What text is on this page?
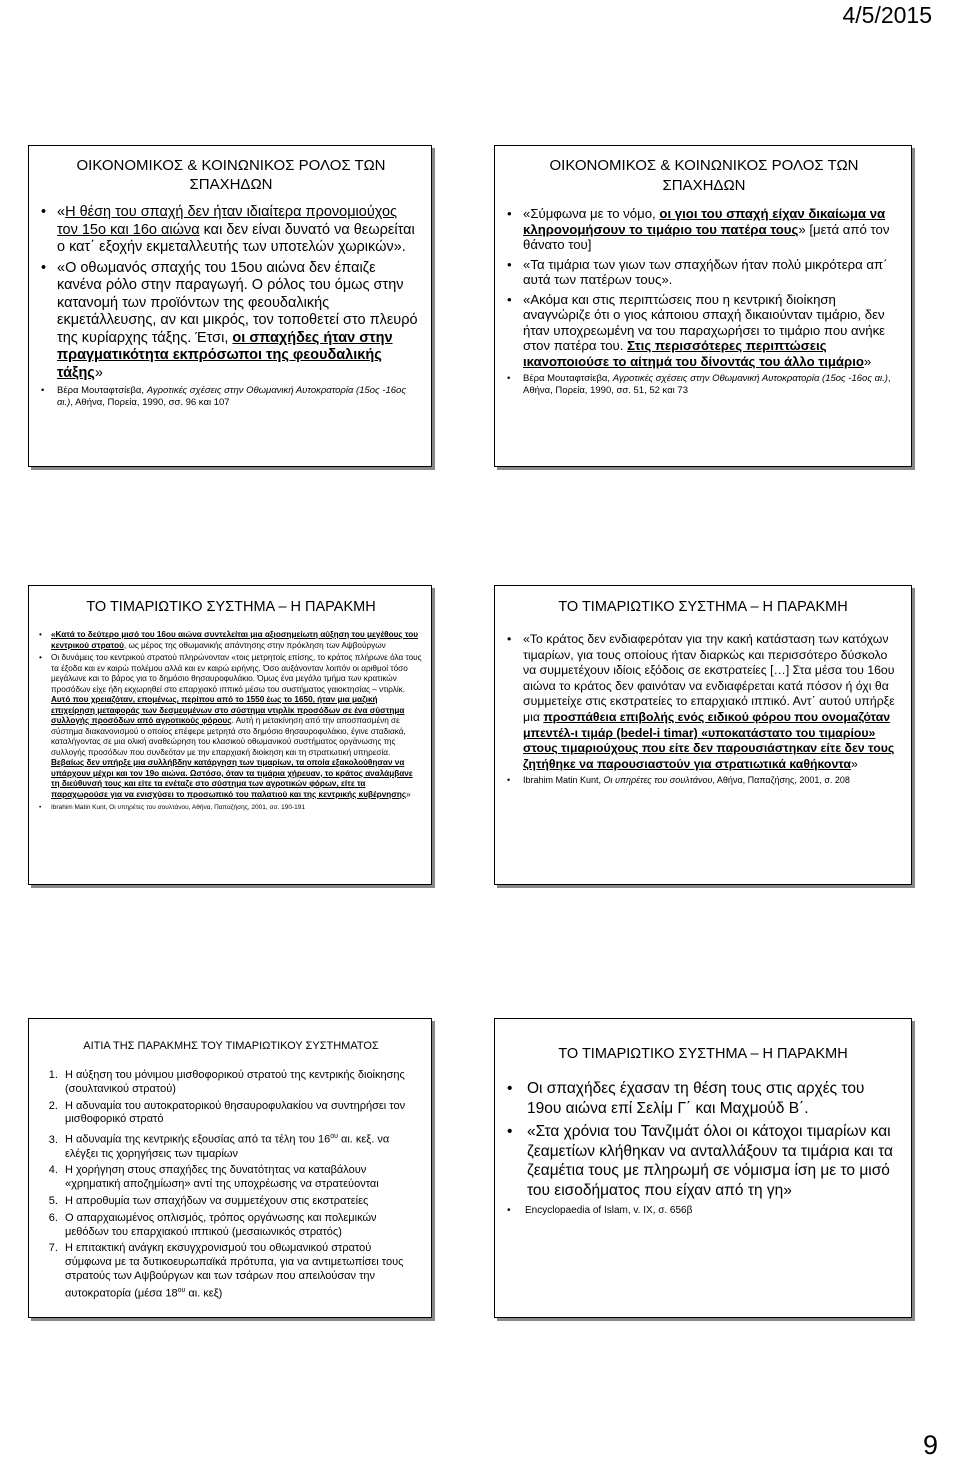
4/5/2015
ΟΙΚΟΝΟΜΙΚΟΣ & ΚΟΙΝΩΝΙΚΟΣ ΡΟΛΟΣ ΤΩΝ
ΣΠΑΧΗΔΩΝ
• «Η θέση του σπαχή δεν ήταν ιδιαίτερα προνομιούχος τον 15ο και 16ο αιώνα και δεν είναι δυνατό να θεωρείται ο κατ΄ εξοχήν εκμεταλλευτής των υποτελών χωρικών».
• «Ο οθωμανός σπαχής του 15ου αιώνα δεν έπαιζε κανένα ρόλο στην παραγωγή. Ο ρόλος του όμως στην κατανομή των προϊόντων της φεουδαλικής εκμετάλλευσης, αν και μικρός, τον τοποθετεί στο πλευρό της κυρίαρχης τάξης. Έτσι, οι σπαχήδες ήταν στην πραγματικότητα εκπρόσωποι της φεουδαλικής τάξης»
• Βέρα Μουταφτσίεβα, Αγροτικές σχέσεις στην Οθωμανική Αυτοκρατορία (15ος -16ος αι.), Αθήνα, Πορεία, 1990, σσ. 96 και 107
ΟΙΚΟΝΟΜΙΚΟΣ & ΚΟΙΝΩΝΙΚΟΣ ΡΟΛΟΣ ΤΩΝ
ΣΠΑΧΗΔΩΝ
• «Σύμφωνα με το νόμο, οι γιοι του σπαχή είχαν δικαίωμα να κληρονομήσουν το τιμάριο του πατέρα τους» [μετά από τον θάνατο του]
• «Τα τιμάρια των γιων των σπαχήδων ήταν πολύ μικρότερα απ΄ αυτά των πατέρων τους».
• «Ακόμα και στις περιπτώσεις που η κεντρική διοίκηση αναγνώριζε ότι ο γιος κάποιου σπαχή δικαιούνταν τιμάριο, δεν ήταν υποχρεωμένη να του παραχωρήσει το τιμάριο που ανήκε στον πατέρα του. Στις περισσότερες περιπτώσεις ικανοποιούσε το αίτημά του δίνοντάς του άλλο τιμάριο»
• Βέρα Μουταφτσίεβα, Αγροτικές σχέσεις στην Οθωμανική Αυτοκρατορία (15ος -16ος αι.), Αθήνα, Πορεία, 1990, σσ. 51, 52 και 73
ΤΟ ΤΙΜΑΡΙΩΤΙΚΟ ΣΥΣΤΗΜΑ – Η ΠΑΡΑΚΜΗ
• «Κατά το δεύτερο μισό του 16ου αιώνα συντελείται μια αξιοσημείωτη αύξηση του μεγέθους του κεντρικού στρατού, ως μέρος της οθωμανικής απάντησης στην πρόκληση των Αψβούργων
• Οι δυνάμεις του κεντρικού στρατού πληρώνονταν «τοις μετρητοίς επίσης, το κράτος πλήρωνε όλα τους τα έξοδα και εν καιρώ πολέμου αλλά και εν καιρώ ειρήνης. Όσο αυξάνονταν λοιπόν οι αριθμοί τόσο μεγάλωνε και το βάρος για το δημόσιο θησαυροφυλάκιο. Όμως ένα μεγάλο τμήμα των κρατικών προσόδων είχε ήδη εκχωρηθεί στο επαρχιακό ιππικό μέσω του συστήματος γαιοκτησίας – ντιρλίκ. Αυτό που χρειαζόταν, επομένως, περίπου από το 1550 έως το 1650, ήταν μια μαζική επιχείρηση μεταφοράς των δεσμευμένων στο σύστημα ντιρλίκ προσόδων σε ένα σύστημα συλλογής προσόδων από αγροτικούς φόρους. Αυτή η μετακίνηση από την αποσπασμένη σε σύστημα διακανονισμού ο οποίος επέφερε μετρητά στο δημόσιο θησαυροφυλάκιο, έγινε σταδιακά, καταλήγοντας σε μια ολική αναθεώρηση του κλασικού οθωμανικού συστήματος οργάνωσης της συλλογής προσόδων που συνδεόταν με την επαρχιακή διοίκηση και τη στρατιωτική υπηρεσία. Βεβαίως δεν υπήρξε μια συλλήβδην κατάργηση των τιμαρίων, τα οποία εξακολούθησαν να υπάρχουν μέχρι και τον 19ο αιώνα. Ωστόσο, όταν τα τιμάρια χήρευαν, το κράτος αναλάμβανε τη διεύθυνσή τους και είτε τα ενέταζε στο σύστημα των αγροτικών φόρων, είτε τα παραχωρούσε για να ενισχύσει το προσωπικό του παλατιού και της κεντρικής κυβέρνησης»
• Ibrahim Matin Kunt, Οι υπηρέτες του σουλτάνου, Αθήνα, Παπαζήσης, 2001, σσ. 190-191
ΤΟ ΤΙΜΑΡΙΩΤΙΚΟ ΣΥΣΤΗΜΑ – Η ΠΑΡΑΚΜΗ
• «Το κράτος δεν ενδιαφερόταν για την κακή κατάσταση των κατόχων τιμαρίων, για τους οποίους ήταν διαρκώς και περισσότερο δύσκολο να συμμετέχουν ιδίοις εξόδοις σε εκστρατείες […] Στα μέσα του 16ου αιώνα το κράτος δεν φαινόταν να ενδιαφέρεται κατά πόσον ή όχι θα συμμετείχε στις εκστρατείες το επαρχιακό ιππικό. Αντ΄ αυτού υπήρξε μια προσπάθεια επιβολής ενός ειδικού φόρου που ονομαζόταν μπεντέλ-ι τιμάρ (bedel-i timar) «υποκατάστατο του τιμαρίου» στους τιμαριούχους που είτε δεν παρουσιάστηκαν είτε δεν τους ζητήθηκε να παρουσιαστούν για στρατιωτικά καθήκοντα»
• Ibrahim Matin Kunt, Οι υπηρέτες του σουλτάνου, Αθήνα, Παπαζήσης, 2001, σ. 208
ΑΙΤΙΑ ΤΗΣ ΠΑΡΑΚΜΗΣ ΤΟΥ ΤΙΜΑΡΙΩΤΙΚΟΥ ΣΥΣΤΗΜΑΤΟΣ
1. Η αύξηση του μόνιμου μισθοφορικού στρατού της κεντρικής διοίκησης (σουλτανικού στρατού)
2. Η αδυναμία του αυτοκρατορικού θησαυροφυλακίου να συντηρήσει τον μισθοφορικό στρατό
3. Η αδυναμία της κεντρικής εξουσίας από τα τέλη του $16^{o\upsilon}$ αι. κεξ. να ελέγξει τις χορηγήσεις των τιμαρίων
4. Η χορήγηση στους σπαχήδες της δυνατότητας να καταβάλουν «χρηματική αποζημίωση» αντί της υποχρέωσης να στρατεύονται
5. Η απροθυμία των σπαχήδων να συμμετέχουν στις εκστρατείες
6. Ο απαρχαιωμένος οπλισμός, τρόπος οργάνωσης και πολεμικών μεθόδων του επαρχιακού ιππικού (μεσαιωνικός στρατός)
7. Η επιτακτική ανάγκη εκσυγχρονισμού του οθωμανικού στρατού σύμφωνα με τα δυτικοευρωπαϊκά πρότυπα, για να αντιμετωπίσει τους στρατούς των Αψβούργων και των τσάρων που απειλούσαν την αυτοκρατορία (μέσα $18^{o\upsilon}$ αι. κεξ)
ΤΟ ΤΙΜΑΡΙΩΤΙΚΟ ΣΥΣΤΗΜΑ – Η ΠΑΡΑΚΜΗ
• Οι σπαχήδες έχασαν τη θέση τους στις αρχές του 19ου αιώνα επί Σελίμ Γ΄ και Μαχμούδ Β΄.
• «Στα χρόνια του Τανζιμάτ όλοι οι κάτοχοι τιμαρίων και ζεαμετίων κλήθηκαν να ανταλλάξουν τα τιμάρια και τα ζεαμέτια τους με πληρωμή σε νόμισμα ίση με το μισό του εισοδήματος που είχαν από τη γη»
• Encyclopaedia of Islam, v. IX, σ. 656β
9
